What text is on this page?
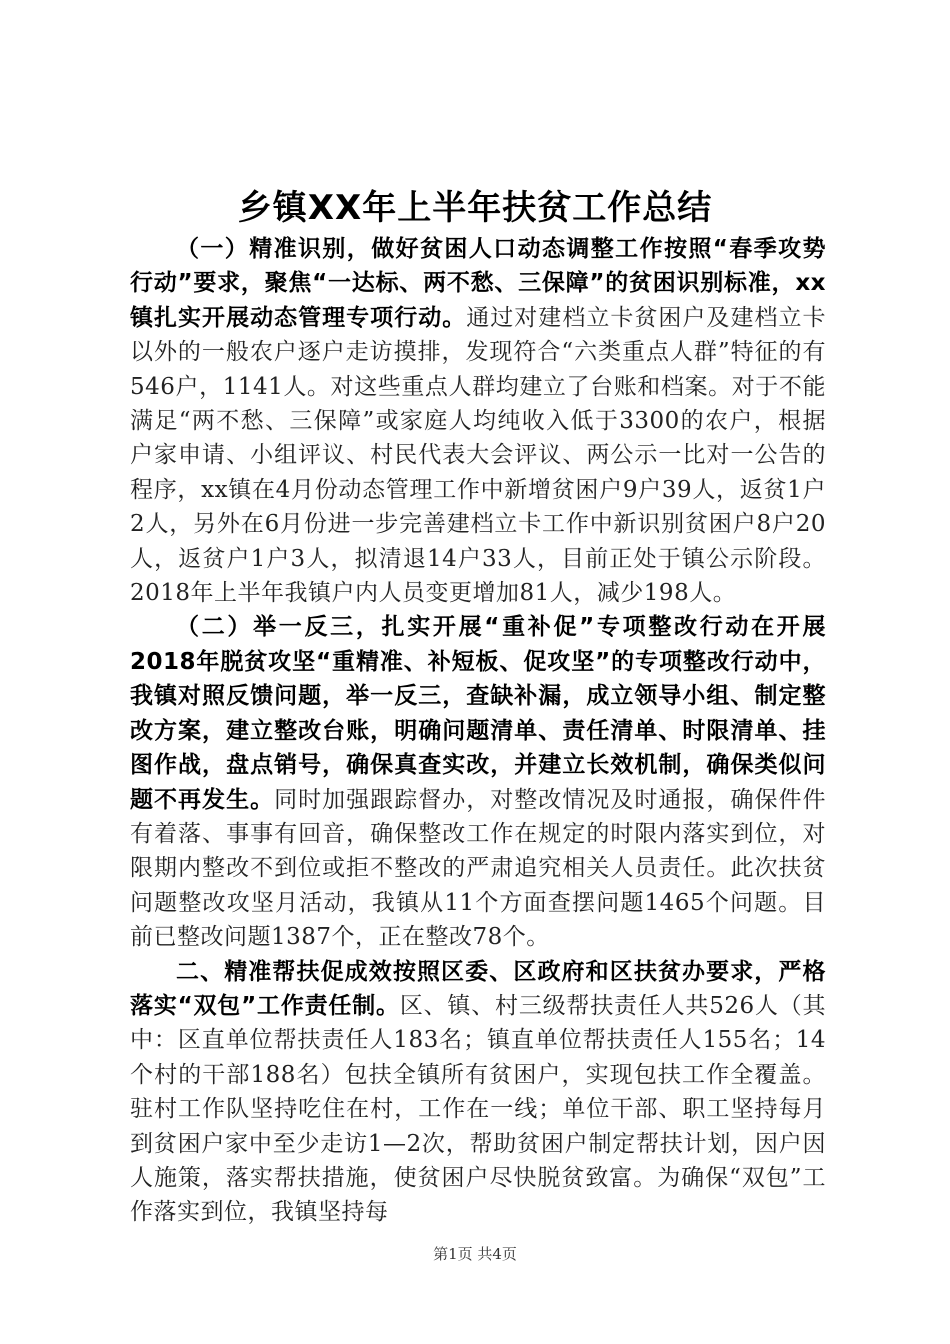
乡镇XX年上半年扶贫工作总结

（一）精准识别，做好贫困人口动态调整工作按照“春季攻势行动”要求，聚焦“一达标、两不愁、三保障”的贫困识别标准，xx镇扎实开展动态管理专项行动。通过对建档立卡贫困户及建档立卡以外的一般农户逐户走访摸排，发现符合“六类重点人群”特征的有546户，1141人。对这些重点人群均建立了台账和档案。对于不能满足“两不愁、三保障”或家庭人均纯收入低于3300的农户，根据户家申请、小组评议、村民代表大会评议、两公示一比对一公告的程序，xx镇在4月份动态管理工作中新增贫困户9户39人，返贫1户2人，另外在6月份进一步完善建档立卡工作中新识别贫困户8户20人，返贫户1户3人，拟清退14户33人，目前正处于镇公示阶段。2018年上半年我镇户内人员变更增加81人，减少198人。

（二）举一反三，扎实开展“重补促”专项整改行动在开展2018年脱贫攻坚“重精准、补短板、促攻坚”的专项整改行动中，我镇对照反馈问题，举一反三，查缺补漏，成立领导小组、制定整改方案，建立整改台账，明确问题清单、责任清单、时限清单、挂图作战，盘点销号，确保真查实改，并建立长效机制，确保类似问题不再发生。同时加强跟踪督办，对整改情况及时通报，确保件件有着落、事事有回音，确保整改工作在规定的时限内落实到位，对限期内整改不到位或拒不整改的严肃追究相关人员责任。此次扶贫问题整改攻坚月活动，我镇从11个方面查摆问题1465个问题。目前已整改问题1387个，正在整改78个。

二、精准帮扶促成效按照区委、区政府和区扶贫办要求，严格落实“双包”工作责任制。区、镇、村三级帮扶责任人共526人（其中：区直单位帮扶责任人183名；镇直单位帮扶责任人155名；14个村的干部188名）包扶全镇所有贫困户，实现包扶工作全覆盖。驻村工作队坚持吃住在村，工作在一线；单位干部、职工坚持每月到贫困户家中至少走访1—2次，帮助贫困户制定帮扶计划，因户因人施策，落实帮扶措施，使贫困户尽快脱贫致富。为确保“双包”工作落实到位，我镇坚持每

第1页 共4页
